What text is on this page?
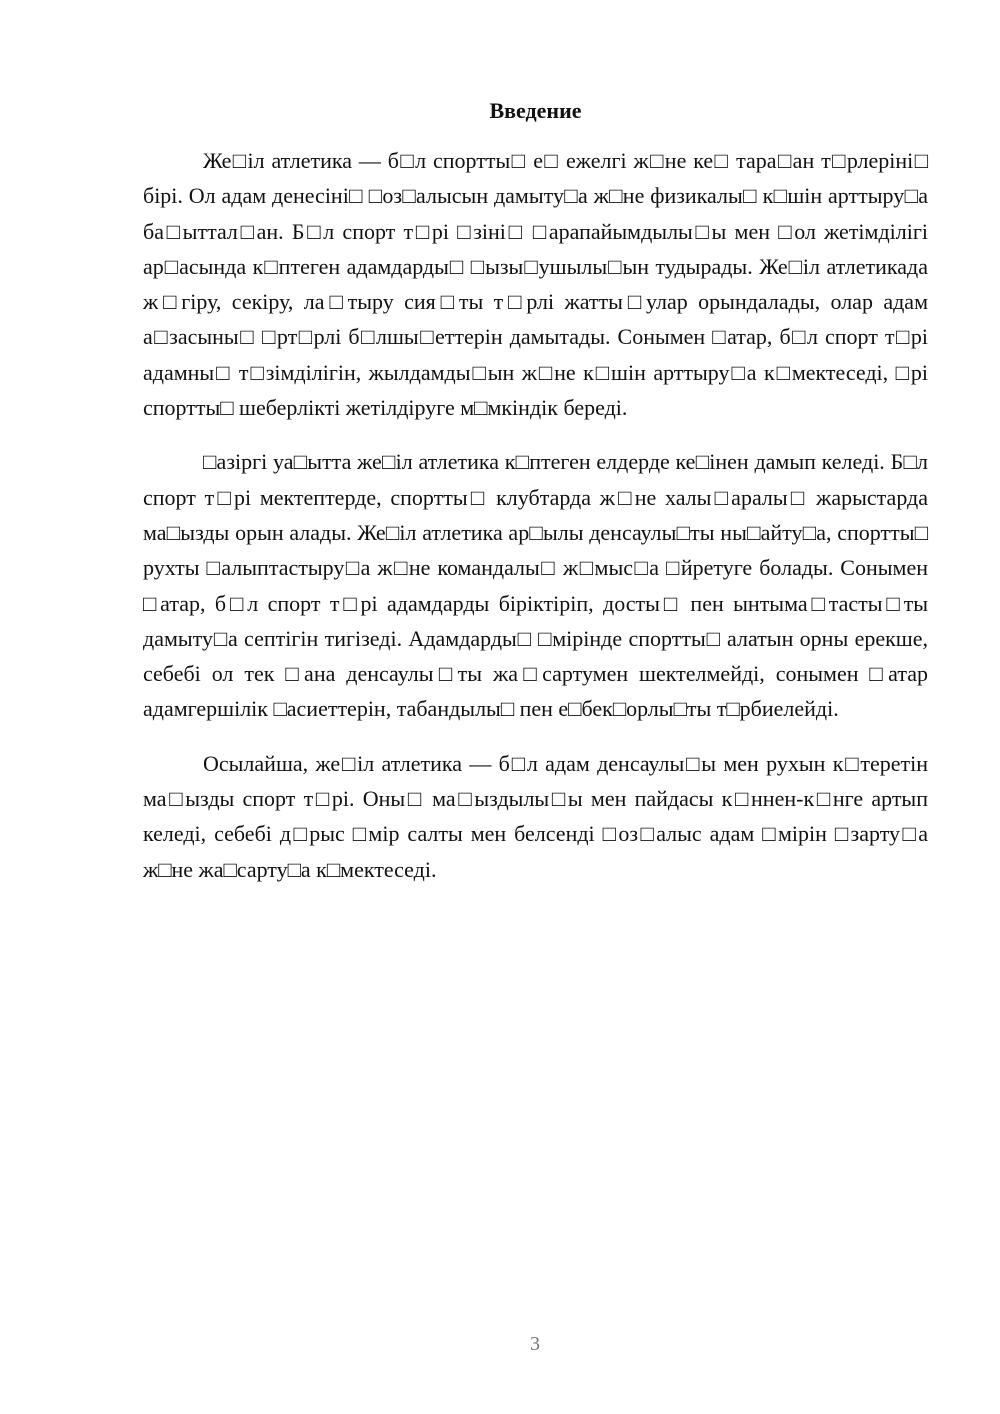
Введение

Же□іл атлетика — б□л спортты□ е□ ежелгі ж□не ке□ тара□ан т□рлеріні□ бірі. Ол адам денесіні□ □оз□алысын дамыту□а ж□не физикалы□ к□шін арттыру□а ба□ыттал□ан. Б□л спорт т□рі □зіні□ □арапайымдылы□ы мен □ол жетімділігі ар□асында к□птеген адамдарды□ □ызы□ушылы□ын тудырады. Же□іл атлетикада ж□гіру, секіру, ла□тыру сия□ты т□рлі жатты□улар орындалады, олар адам а□засыны□ □рт□рлі б□лшы□еттерін дамытады. Сонымен □атар, б□л спорт т□рі адамны□ т□зімділігін, жылдамды□ын ж□не к□шін арттыру□а к□мектеседі, □рі спортты□ шеберлікті жетілдіруге м□мкіндік береді.

□азіргі уа□ытта же□іл атлетика к□птеген елдерде ке□інен дамып келеді. Б□л спорт т□рі мектептерде, спортты□ клубтарда ж□не халы□аралы□ жарыстарда ма□ызды орын алады. Же□іл атлетика ар□ылы денсаулы□ты ны□айту□а, спортты□ рухты □алыптастыру□а ж□не командалы□ ж□мыс□а □йретуге болады. Сонымен □атар, б□л спорт т□рі адамдарды біріктіріп, досты□ пен ынтыма□тасты□ты дамыту□а септігін тигізеді. Адамдарды□ □мірінде спортты□ алатын орны ерекше, себебі ол тек □ана денсаулы□ты жа□сартумен шектелмейді, сонымен □атар адамгершілік □асиеттерін, табандылы□ пен е□бек□орлы□ты т□рбиелейді.

Осылайша, же□іл атлетика — б□л адам денсаулы□ы мен рухын к□теретін ма□ызды спорт т□рі. Оны□ ма□ыздылы□ы мен пайдасы к□ннен-к□нге артып келеді, себебі д□рыс □мір салты мен белсенді □оз□алыс адам □мірін □зарту□а ж□не жа□сарту□а к□мектеседі.

3
